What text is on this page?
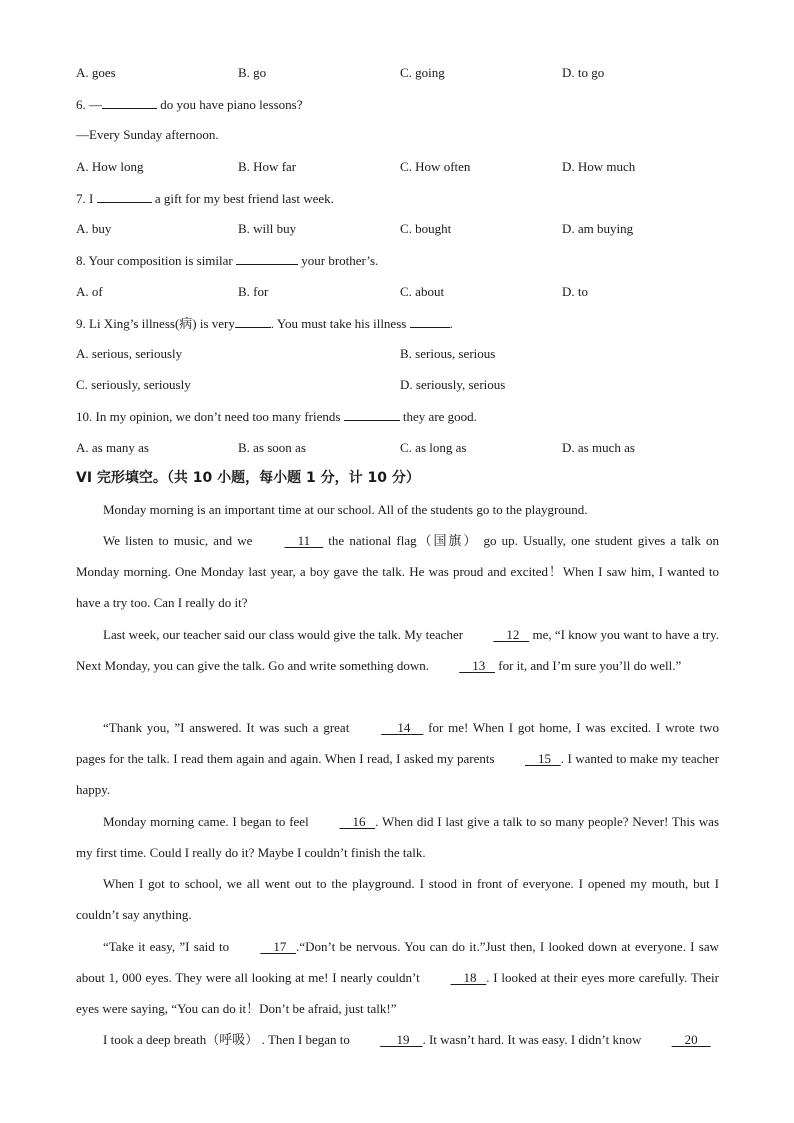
A. goes	B. go	C. going	D. to go
6. —	do you have piano lessons?
—Every Sunday afternoon.
A. How long	B. How far	C. How often	D. How much
7. I	a gift for my best friend last week.
A. buy	B. will buy	C. bought	D. am buying
8. Your composition is similar	your brother’s.
A. of	B. for	C. about	D. to
9. Li Xing’s illness(病) is very	. You must take his illness	.
A. serious, seriously	B. serious, serious
C. seriously, seriously	D. seriously, serious
10. In my opinion, we don’t need too many friends	they are good.
A. as many as	B. as soon as	C. as long as	D. as much as
VI 完形填空。（共 10 小题，每小题 1 分，计 10 分）
Monday morning is an important time at our school. All of the students go to the playground.
We listen to music, and we	11     the national flag（国旗） go up. Usually, one student gives a talk on Monday morning. One Monday last year, a boy gave the talk. He was proud and excited！When I saw him, I wanted to have a try too. Can I really do it?
Last week, our teacher said our class would give the talk. My teacher	12    me, “I know you want to have a try. Next Monday, you can give the talk. Go and write something down.	13    for it, and I’m sure you’ll do well.”
“Thank you, ”I answered. It was such a great	14     for me! When I got home, I was excited. I wrote two pages for the talk. I read them again and again. When I read, I asked my parents	15 . I wanted to make my teacher happy.
Monday morning came. I began to feel	16 . When did I last give a talk to so many people? Never! This was my first time. Could I really do it? Maybe I couldn’t finish the talk.
When I got to school, we all went out to the playground. I stood in front of everyone. I opened my mouth, but I couldn’t say anything.
“Take it easy, ”I said to	17 .“Don’t be nervous. You can do it.”Just then, I looked down at everyone. I saw about 1, 000 eyes. They were all looking at me! I nearly couldn’t	18 . I looked at their eyes more carefully. Their eyes were saying, “You can do it！Don’t be afraid, just talk!”
I took a deep breath（呼吸） . Then I began to	19 . It wasn’t hard. It was easy. I didn’t know	20
